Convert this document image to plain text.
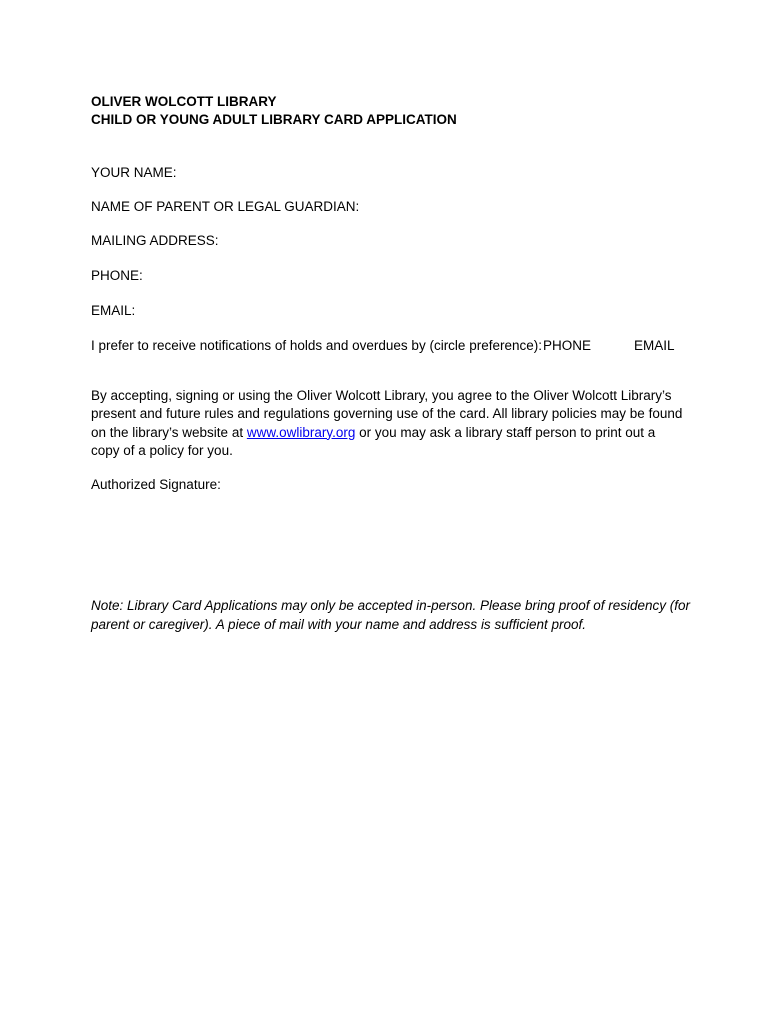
OLIVER WOLCOTT LIBRARY
CHILD OR YOUNG ADULT LIBRARY CARD APPLICATION
YOUR NAME:
NAME OF PARENT OR LEGAL GUARDIAN:
MAILING ADDRESS:
PHONE:
EMAIL:
I prefer to receive notifications of holds and overdues by (circle preference): PHONE	EMAIL

By accepting, signing or using the Oliver Wolcott Library, you agree to the Oliver Wolcott Library’s present and future rules and regulations governing use of the card. All library policies may be found on the library’s website at www.owlibrary.org or you may ask a library staff person to print out a copy of a policy for you.

Authorized Signature:
Note: Library Card Applications may only be accepted in-person. Please bring proof of residency (for parent or caregiver). A piece of mail with your name and address is sufficient proof.
